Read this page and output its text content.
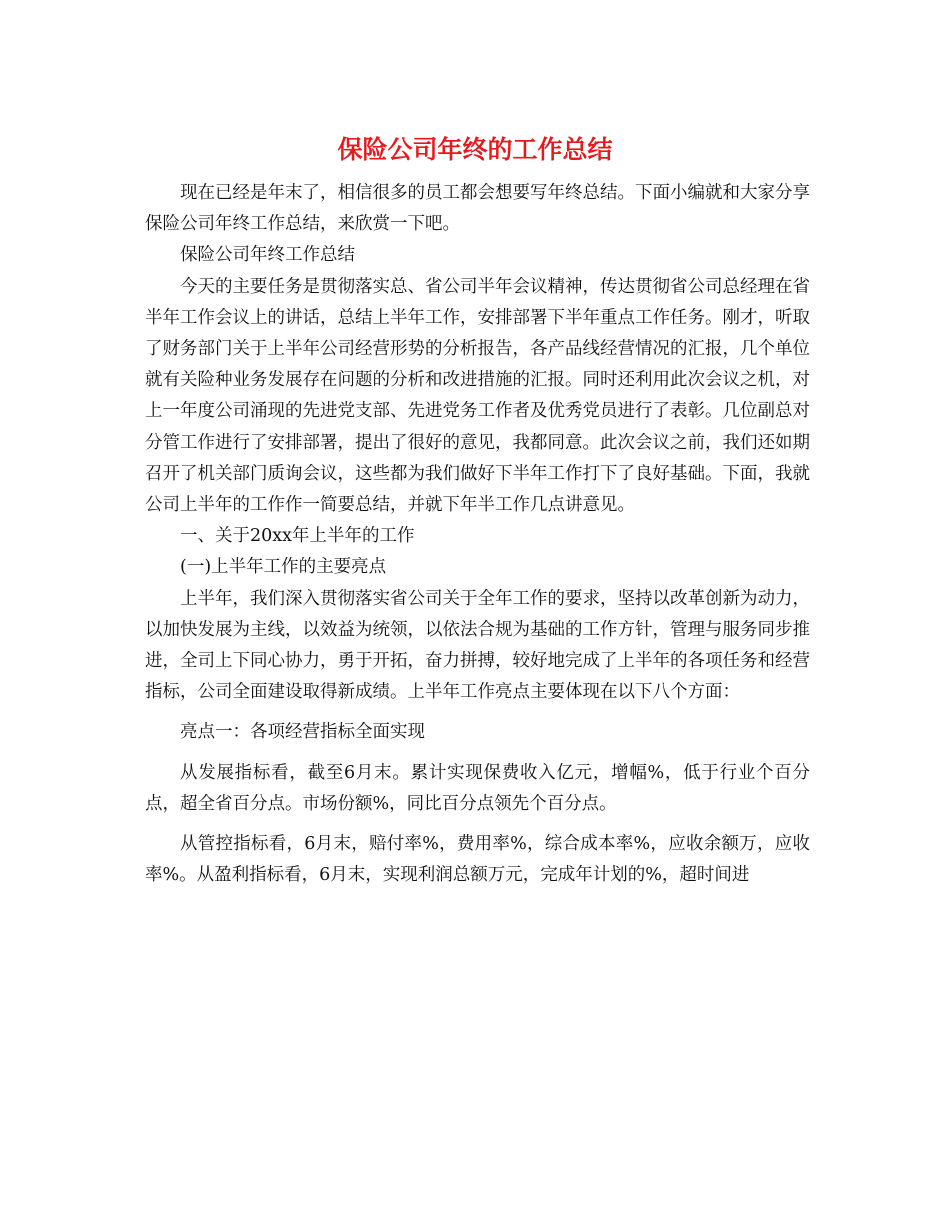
保险公司年终的工作总结

现在已经是年末了，相信很多的员工都会想要写年终总结。下面小编就和大家分享保险公司年终工作总结，来欣赏一下吧。

保险公司年终工作总结

今天的主要任务是贯彻落实总、省公司半年会议精神，传达贯彻省公司总经理在省半年工作会议上的讲话，总结上半年工作，安排部署下半年重点工作任务。刚才，听取了财务部门关于上半年公司经营形势的分析报告，各产品线经营情况的汇报，几个单位就有关险种业务发展存在问题的分析和改进措施的汇报。同时还利用此次会议之机，对上一年度公司涌现的先进党支部、先进党务工作者及优秀党员进行了表彰。几位副总对分管工作进行了安排部署，提出了很好的意见，我都同意。此次会议之前，我们还如期召开了机关部门质询会议，这些都为我们做好下半年工作打下了良好基础。下面，我就公司上半年的工作作一简要总结，并就下年半工作几点讲意见。

一、关于20xx年上半年的工作

(一)上半年工作的主要亮点

上半年，我们深入贯彻落实省公司关于全年工作的要求，坚持以改革创新为动力，以加快发展为主线，以效益为统领，以依法合规为基础的工作方针，管理与服务同步推进，全司上下同心协力，勇于开拓，奋力拼搏，较好地完成了上半年的各项任务和经营指标，公司全面建设取得新成绩。上半年工作亮点主要体现在以下八个方面：

亮点一：各项经营指标全面实现

从发展指标看，截至6月末。累计实现保费收入亿元，增幅%，低于行业个百分点，超全省百分点。市场份额%，同比百分点领先个百分点。

从管控指标看，6月末，赔付率%，费用率%，综合成本率%，应收余额万，应收率%。从盈利指标看，6月末，实现利润总额万元，完成年计划的%，超时间进
